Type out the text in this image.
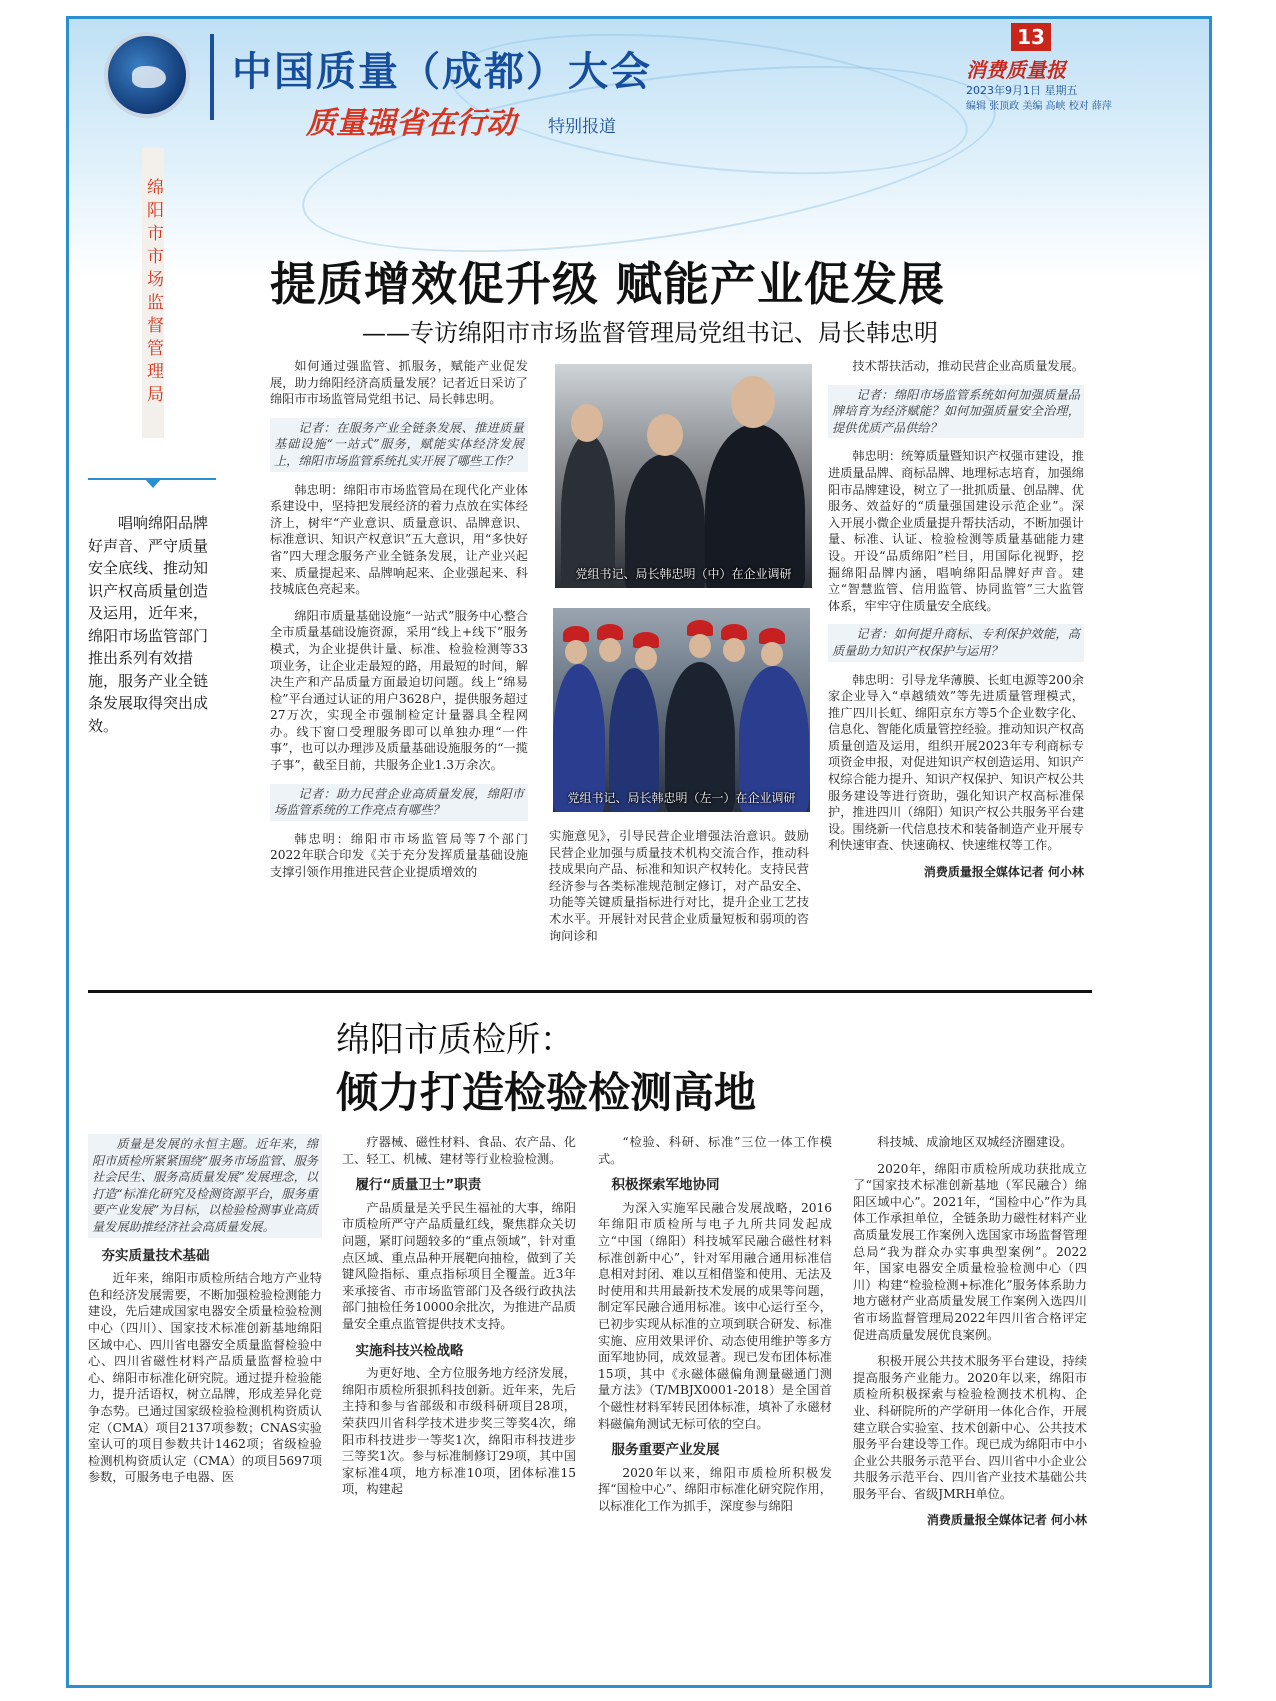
中国质量（成都）大会
质量强省在行动 特别报道
13
消费质量报
2023年9月1日 星期五
编辑 张顶政 美编 高峡 校对 薛萍
绵阳市市场监督管理局 提质增效促升级 赋能产业促发展
——专访绵阳市市场监督管理局党组书记、局长韩忠明

唱响绵阳品牌好声音、严守质量安全底线、推动知识产权高质量创造及运用，近年来，绵阳市场监管部门推出系列有效措施，服务产业全链条发展取得突出成效。

如何通过强监管、抓服务，赋能产业促发展，助力绵阳经济高质量发展？记者近日采访了绵阳市市场监管局党组书记、局长韩忠明。

记者：在服务产业全链条发展、推进质量基础设施“一站式”服务，赋能实体经济发展上，绵阳市场监管系统扎实开展了哪些工作？

韩忠明：绵阳市市场监管局在现代化产业体系建设中，坚持把发展经济的着力点放在实体经济上，树牢“产业意识、质量意识、品牌意识、标准意识、知识产权意识”五大意识，用“多快好省”四大理念服务产业全链条发展，让产业兴起来、质量提起来、品牌响起来、企业强起来、科技城底色亮起来。

绵阳市质量基础设施“一站式”服务中心整合全市质量基础设施资源，采用“线上+线下”服务模式，为企业提供计量、标准、检验检测等33项业务，让企业走最短的路，用最短的时间，解决生产和产品质量方面最迫切问题。线上“绵易检”平台通过认证的用户3628户，提供服务超过27万次，实现全市强制检定计量器具全程网办。线下窗口受理服务即可以单独办理“一件事”，也可以办理涉及质量基础设施服务的“一揽子事”，截至目前，共服务企业1.3万余次。

记者：助力民营企业高质量发展，绵阳市场监管系统的工作亮点有哪些？

韩忠明：绵阳市市场监管局等7个部门2022年联合印发《关于充分发挥质量基础设施支撑引领作用推进民营企业提质增效的

党组书记、局长韩忠明（中）在企业调研
党组书记、局长韩忠明（左一）在企业调研

实施意见》，引导民营企业增强法治意识。鼓励民营企业加强与质量技术机构交流合作，推动科技成果向产品、标准和知识产权转化。支持民营经济参与各类标准规范制定修订，对产品安全、功能等关键质量指标进行对比，提升企业工艺技术水平。开展针对民营企业质量短板和弱项的咨询问诊和

技术帮扶活动，推动民营企业高质量发展。

记者：绵阳市场监管系统如何加强质量品牌培育为经济赋能？如何加强质量安全治理，提供优质产品供给？

韩忠明：统筹质量暨知识产权强市建设，推进质量品牌、商标品牌、地理标志培育，加强绵阳市品牌建设，树立了一批抓质量、创品牌、优服务、效益好的“质量强国建设示范企业”。深入开展小微企业质量提升帮扶活动，不断加强计量、标准、认证、检验检测等质量基础能力建设。开设“品质绵阳”栏目，用国际化视野，挖掘绵阳品牌内涵，唱响绵阳品牌好声音。建立“智慧监管、信用监管、协同监管”三大监管体系，牢牢守住质量安全底线。

记者：如何提升商标、专利保护效能，高质量助力知识产权保护与运用？

韩忠明：引导龙华薄膜、长虹电源等200余家企业导入“卓越绩效”等先进质量管理模式，推广四川长虹、绵阳京东方等5个企业数字化、信息化、智能化质量管控经验。推动知识产权高质量创造及运用，组织开展2023年专利商标专项资金申报，对促进知识产权创造运用、知识产权综合能力提升、知识产权保护、知识产权公共服务建设等进行资助，强化知识产权高标准保护，推进四川（绵阳）知识产权公共服务平台建设。围绕新一代信息技术和装备制造产业开展专利快速审查、快速确权、快速维权等工作。

消费质量报全媒体记者 何小林
绵阳市质检所：
倾力打造检验检测高地

质量是发展的永恒主题。近年来，绵阳市质检所紧紧围绕“服务市场监管、服务社会民生、服务高质量发展”发展理念，以打造“标准化研究及检测资源平台，服务重要产业发展”为目标，以检验检测事业高质量发展助推经济社会高质量发展。

夯实质量技术基础

近年来，绵阳市质检所结合地方产业特色和经济发展需要，不断加强检验检测能力建设，先后建成国家电器安全质量检验检测中心（四川）、国家技术标准创新基地绵阳区域中心、四川省电器安全质量监督检验中心、四川省磁性材料产品质量监督检验中心、绵阳市标准化研究院。通过提升检验能力，提升活语权，树立品牌，形成差异化竞争态势。已通过国家级检验检测机构资质认定（CMA）项目2137项参数；CNAS实验室认可的项目参数共计1462项；省级检验检测机构资质认定（CMA）的项目5697项参数，可服务电子电器、医

疗器械、磁性材料、食品、农产品、化工、轻工、机械、建材等行业检验检测。

履行“质量卫士”职责

产品质量是关乎民生福祉的大事，绵阳市质检所严守产品质量红线，聚焦群众关切问题，紧盯问题较多的“重点领域”，针对重点区域、重点品种开展靶向抽检，做到了关键风险指标、重点指标项目全覆盖。近3年来承接省、市市场监管部门及各级行政执法部门抽检任务10000余批次，为推进产品质量安全重点监管提供技术支持。

实施科技兴检战略

为更好地、全方位服务地方经济发展，绵阳市质检所狠抓科技创新。近年来，先后主持和参与省部级和市级科研项目28项，荣获四川省科学技术进步奖三等奖4次，绵阳市科技进步一等奖1次，绵阳市科技进步三等奖1次。参与标准制修订29项，其中国家标准4项，地方标准10项，团体标准15项，构建起

“检验、科研、标准”三位一体工作模式。

积极探索军地协同

为深入实施军民融合发展战略，2016年绵阳市质检所与电子九所共同发起成立“中国（绵阳）科技城军民融合磁性材料标准创新中心”，针对军用融合通用标准信息相对封闭、难以互相借鉴和使用、无法及时使用和共用最新技术发展的成果等问题，制定军民融合通用标准。该中心运行至今，已初步实现从标准的立项到联合研发、标准实施、应用效果评价、动态使用维护等多方面军地协同，成效显著。现已发布团体标准15项，其中《永磁体磁偏角测量磁通门测量方法》（T/MBJX0001-2018）是全国首个磁性材料军转民团体标准，填补了永磁材料磁偏角测试无标可依的空白。

服务重要产业发展

2020年以来，绵阳市质检所积极发挥“国检中心”、绵阳市标准化研究院作用，以标准化工作为抓手，深度参与绵阳

科技城、成渝地区双城经济圈建设。

2020年，绵阳市质检所成功获批成立了“国家技术标准创新基地（军民融合）绵阳区域中心”。2021年，“国检中心”作为具体工作承担单位，全链条助力磁性材料产业高质量发展工作案例入选国家市场监督管理总局“我为群众办实事典型案例”。2022年，国家电器安全质量检验检测中心（四川）构建“检验检测+标准化”服务体系助力地方磁材产业高质量发展工作案例入选四川省市场监督管理局2022年四川省合格评定促进高质量发展优良案例。

积极开展公共技术服务平台建设，持续提高服务产业能力。2020年以来，绵阳市质检所积极探索与检验检测技术机构、企业、科研院所的产学研用一体化合作，开展建立联合实验室、技术创新中心、公共技术服务平台建设等工作。现已成为绵阳市中小企业公共服务示范平台、四川省中小企业公共服务示范平台、四川省产业技术基础公共服务平台、省级JMRH单位。

消费质量报全媒体记者 何小林
